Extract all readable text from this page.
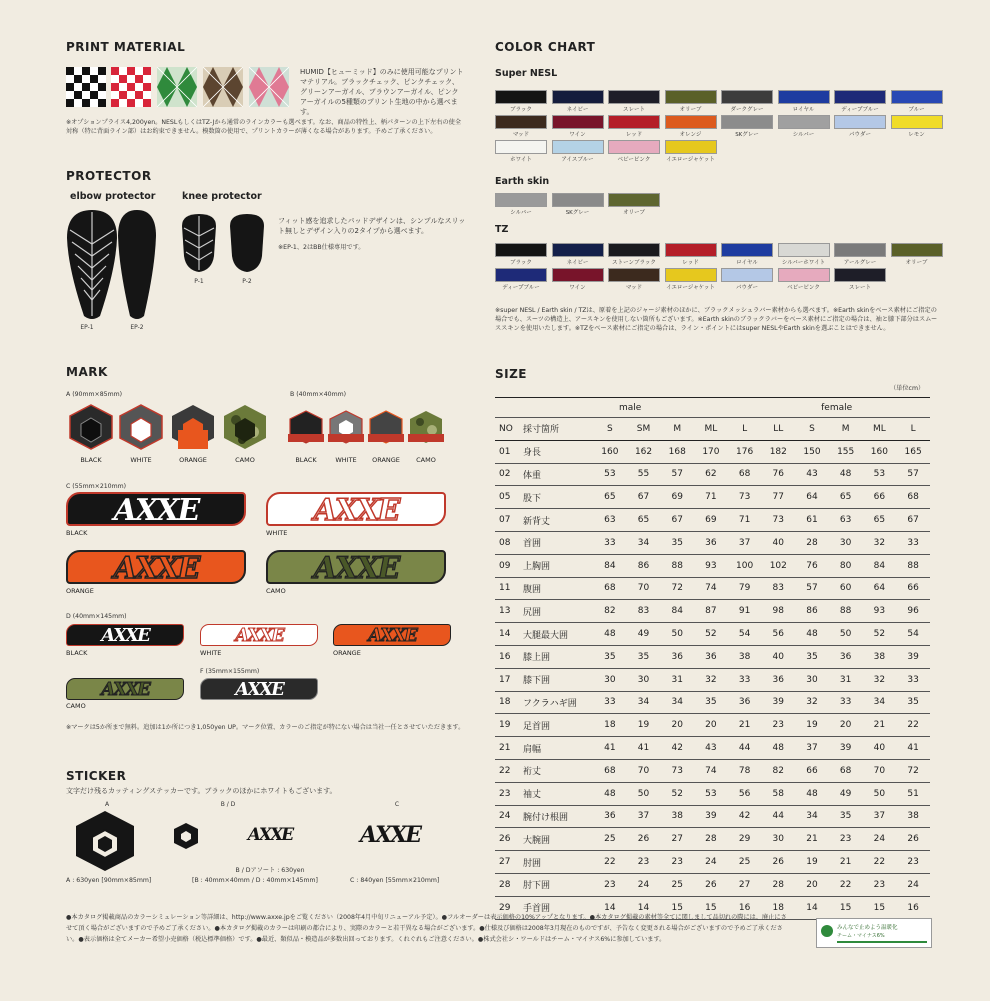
PRINT MATERIAL
HUMID【ヒューミッド】のみに使用可能なプリントマテリアル。ブラックチェック、ピンクチェック、グリーンアーガイル、ブラウンアーガイル、ピンクアーガイルの5種類のプリント生地の中から選べます。
※オプションプライス4,200yen。NESLもしくはTZ-Jから通常のラインカラーも選べます。なお、商品の特性上、柄パターンの上下左右の使全対称（特に背面ライン部）はお約束できません。模数箇の使用で、プリントカラーが薄くなる場合があります。予めご了承ください。
PROTECTOR
elbow protector	knee protector
EP-1	EP-2
P-1	P-2
フィット感を追求したパッドデザインは、シンプルなスリット無しとデザイン入りの2タイプから選べます。
※EP-1、2はBB仕様専用です。
MARK
A (90mm×85mm)	B (40mm×40mm)
BLACK	WHITE	ORANGE	CAMO	BLACK	WHITE	ORANGE	CAMO
C (55mm×210mm)
AXXE
BLACK
AXXE
WHITE
AXXE
ORANGE
AXXE
CAMO
D (40mm×145mm)
AXXE
BLACK
AXXE
WHITE
AXXE
ORANGE
F (35mm×155mm)
AXXE
CAMO
AXXE
※マークは5か所まで無料。追加は1か所につき1,050yen UP。マーク位置、カラーのご指定が特にない場合は当社一任とさせていただきます。
STICKER
文字だけ残るカッティングステッカーです。ブラックのほかにホワイトもございます。
A	B / D	C
AXXE	AXXE
A : 630yen [90mm×85mm]
B / Dアソート : 630yen
[B : 40mm×40mm / D : 40mm×145mm]	C : 840yen [55mm×210mm]
COLOR CHART
Super NESL
ブラック	ネイビー	スレート	オリーブ	ダークグレー	ロイヤル	ディープブルー	ブルー
マッド	ワイン	レッド	オレンジ	SKグレー	シルバー	パウダー	レモン
ホワイト	アイスブルー	ベビーピンク	イエロージャケット
Earth skin
シルバー	SKグレー	オリーブ
TZ
ブラック	ネイビー	ストーンブラック	レッド	ロイヤル	シルバーホワイト	アールグレー	オリーブ
ディープブルー	ワイン	マッド	イエロージャケット	パウダー	ベビーピンク	スレート
※super NESL / Earth skin / TZは、原着を上記のジャージ素材のほかに、ブラックメッシュラバー素材からも選べます。※Earth skinをベース素材にご指定の場合でも、スーツの構造上、アースキンを使用しない箇所もございます。※Earth skinのブラックラバーをベース素材にご指定の場合は、袖と膝下部分はスムーススキンを使用いたします。※TZをベース素材にご指定の場合は、ライン・ポイントにはsuper NESLやEarth skinを選ぶことはできません。
SIZE
（単位cm）
		male						female			
NO	採寸箇所	S	SM	M	ML	L	LL	S	M	ML	L
01	身長	160	162	168	170	176	182	150	155	160	165
02	体重	53	55	57	62	68	76	43	48	53	57
05	股下	65	67	69	71	73	77	64	65	66	68
07	新背丈	63	65	67	69	71	73	61	63	65	67
08	首囲	33	34	35	36	37	40	28	30	32	33
09	上胸囲	84	86	88	93	100	102	76	80	84	88
11	腹囲	68	70	72	74	79	83	57	60	64	66
13	尻囲	82	83	84	87	91	98	86	88	93	96
14	大腿最大囲	48	49	50	52	54	56	48	50	52	54
16	膝上囲	35	35	36	36	38	40	35	36	38	39
17	膝下囲	30	30	31	32	33	36	30	31	32	33
18	フクラハギ囲	33	34	34	35	36	39	32	33	34	35
19	足首囲	18	19	20	20	21	23	19	20	21	22
21	肩幅	41	41	42	43	44	48	37	39	40	41
22	裄丈	68	70	73	74	78	82	66	68	70	72
23	袖丈	48	50	52	53	56	58	48	49	50	51
24	腕付け根囲	36	37	38	39	42	44	34	35	37	38
26	大腕囲	25	26	27	28	29	30	21	23	24	26
27	肘囲	22	23	23	24	25	26	19	21	22	23
28	肘下囲	23	24	25	26	27	28	20	22	23	24
29	手首囲	14	14	15	15	16	18	14	15	15	16
●本カタログ掲載商品のカラーシミュレーション等詳細は、http://www.axxe.jpをご覧ください（2008年4月中旬リニューアル予定）。●フルオーダーは表示価格の10%アップとなります。●本カタログ掲載の素材等全てに関しまして品切れの際には、廃止にさせて頂く場合がございますので予めご了承ください。●本カタログ掲載のカラーは印刷の都合により、実際のカラーと若干異なる場合がございます。●仕様及び価格は2008年3月現在のものですが、予告なく変更される場合がございますので予めご了承ください。●表示価格は全てメーカー希望小売価格（税込標準価格）です。●最近、類似品・模造品が多数出回っております。くれぐれもご注意ください。●株式会社シ・ワールドはチーム・マイナス6%に参加しています。
みんなで止めよう温暖化
チーム・マイナス6%
